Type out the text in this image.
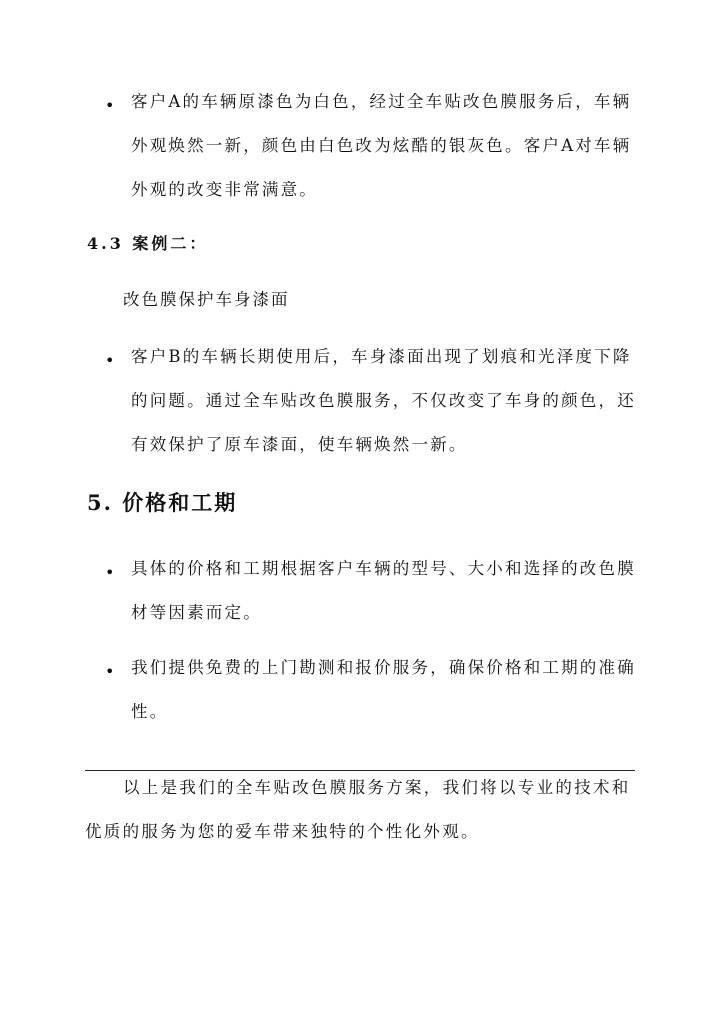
• 客户A的车辆原漆色为白色，经过全车贴改色膜服务后，车辆外观焕然一新，颜色由白色改为炫酷的银灰色。客户A对车辆外观的改变非常满意。
4.3 案例二：
改色膜保护车身漆面
• 客户B的车辆长期使用后，车身漆面出现了划痕和光泽度下降的问题。通过全车贴改色膜服务，不仅改变了车身的颜色，还有效保护了原车漆面，使车辆焕然一新。
5. 价格和工期
• 具体的价格和工期根据客户车辆的型号、大小和选择的改色膜材等因素而定。
• 我们提供免费的上门勘测和报价服务，确保价格和工期的准确性。
以上是我们的全车贴改色膜服务方案，我们将以专业的技术和优质的服务为您的爱车带来独特的个性化外观。
